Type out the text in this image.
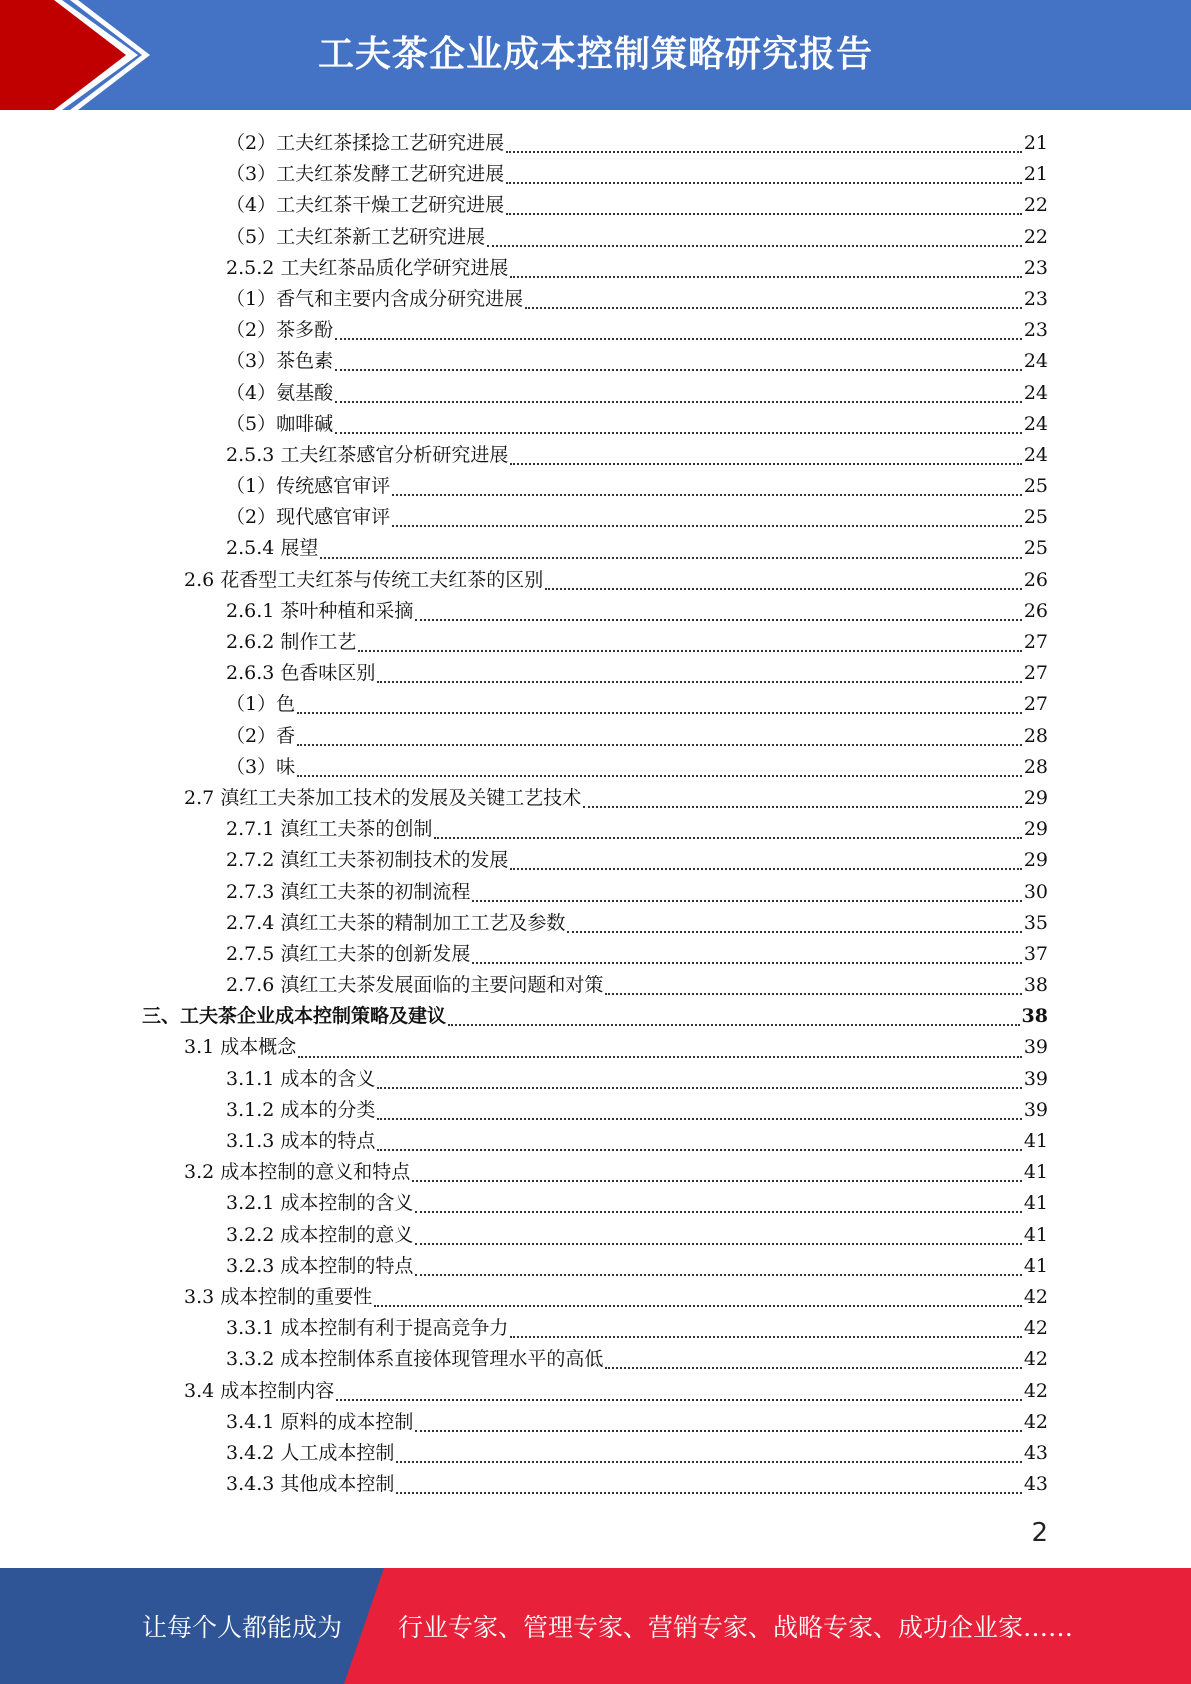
工夫茶企业成本控制策略研究报告
（2）工夫红茶揉捻工艺研究进展	21
（3）工夫红茶发酵工艺研究进展	21
（4）工夫红茶干燥工艺研究进展	22
（5）工夫红茶新工艺研究进展	22
2.5.2 工夫红茶品质化学研究进展	23
（1）香气和主要内含成分研究进展	23
（2）茶多酚	23
（3）茶色素	24
（4）氨基酸	24
（5）咖啡碱	24
2.5.3 工夫红茶感官分析研究进展	24
（1）传统感官审评	25
（2）现代感官审评	25
2.5.4 展望	25
2.6 花香型工夫红茶与传统工夫红茶的区别	26
2.6.1 茶叶种植和采摘	26
2.6.2 制作工艺	27
2.6.3 色香味区别	27
（1）色	27
（2）香	28
（3）味	28
2.7 滇红工夫茶加工技术的发展及关键工艺技术	29
2.7.1 滇红工夫茶的创制	29
2.7.2 滇红工夫茶初制技术的发展	29
2.7.3 滇红工夫茶的初制流程	30
2.7.4 滇红工夫茶的精制加工工艺及参数	35
2.7.5 滇红工夫茶的创新发展	37
2.7.6 滇红工夫茶发展面临的主要问题和对策	38
三、工夫茶企业成本控制策略及建议	38
3.1 成本概念	39
3.1.1 成本的含义	39
3.1.2 成本的分类	39
3.1.3 成本的特点	41
3.2 成本控制的意义和特点	41
3.2.1 成本控制的含义	41
3.2.2 成本控制的意义	41
3.2.3 成本控制的特点	41
3.3 成本控制的重要性	42
3.3.1 成本控制有利于提高竞争力	42
3.3.2 成本控制体系直接体现管理水平的高低	42
3.4 成本控制内容	42
3.4.1 原料的成本控制	42
3.4.2 人工成本控制	43
3.4.3 其他成本控制	43
2
让每个人都能成为 行业专家、管理专家、营销专家、战略专家、成功企业家……
